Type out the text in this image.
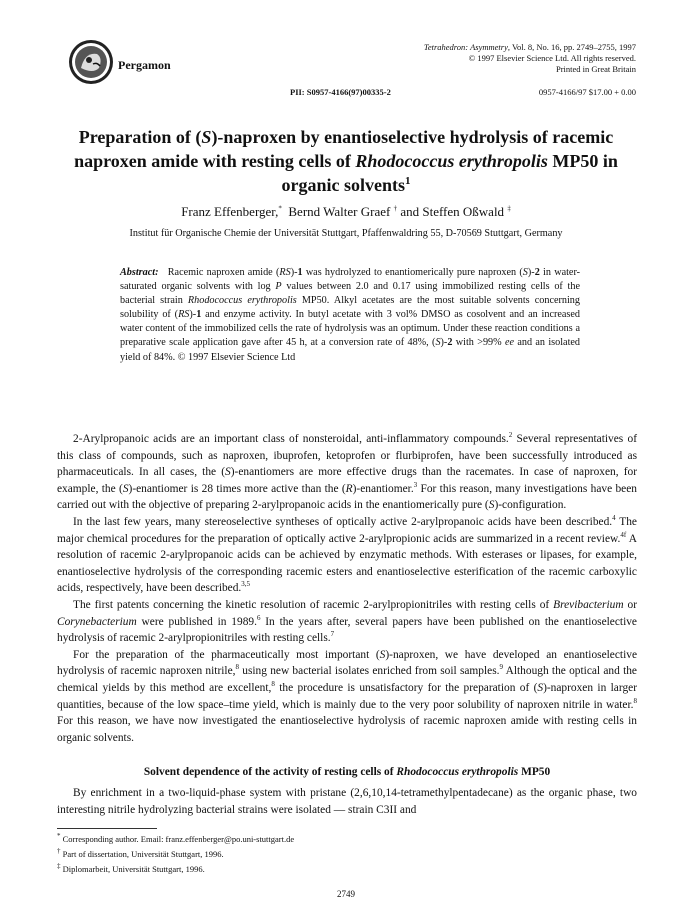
Pergamon
Tetrahedron: Asymmetry, Vol. 8, No. 16, pp. 2749–2755, 1997
© 1997 Elsevier Science Ltd. All rights reserved.
Printed in Great Britain
PII: S0957-4166(97)00335-2	0957-4166/97 $17.00 + 0.00
Preparation of (S)-naproxen by enantioselective hydrolysis of racemic naproxen amide with resting cells of Rhodococcus erythropolis MP50 in organic solvents$^1$
Franz Effenberger,* Bernd Walter Graef † and Steffen Oßwald ‡
Institut für Organische Chemie der Universität Stuttgart, Pfaffenwaldring 55, D-70569 Stuttgart, Germany
Abstract: Racemic naproxen amide (RS)-1 was hydrolyzed to enantiomerically pure naproxen (S)-2 in water-saturated organic solvents with log P values between 2.0 and 0.17 using immobilized resting cells of the bacterial strain Rhodococcus erythropolis MP50. Alkyl acetates are the most suitable solvents concerning solubility of (RS)-1 and enzyme activity. In butyl acetate with 3 vol% DMSO as cosolvent and an increased water content of the immobilized cells the rate of hydrolysis was an optimum. Under these reaction conditions a preparative scale application gave after 45 h, at a conversion rate of 48%, (S)-2 with >99% ee and an isolated yield of 84%. © 1997 Elsevier Science Ltd

2-Arylpropanoic acids are an important class of nonsteroidal, anti-inflammatory compounds.$^2$ Several representatives of this class of compounds, such as naproxen, ibuprofen, ketoprofen or flurbiprofen, have been successfully introduced as pharmaceuticals. In all cases, the (S)-enantiomers are more effective drugs than the racemates. In case of naproxen, for example, the (S)-enantiomer is 28 times more active than the (R)-enantiomer.$^3$ For this reason, many investigations have been carried out with the objective of preparing 2-arylpropanoic acids in the enantiomerically pure (S)-configuration.

In the last few years, many stereoselective syntheses of optically active 2-arylpropanoic acids have been described.$^4$ The major chemical procedures for the preparation of optically active 2-arylpropionic acids are summarized in a recent review.$^{4f}$ A resolution of racemic 2-arylpropanoic acids can be achieved by enzymatic methods. With esterases or lipases, for example, enantioselective hydrolysis of the corresponding racemic esters and enantioselective esterification of the racemic carboxylic acids, respectively, have been described.$^{3,5}$

The first patents concerning the kinetic resolution of racemic 2-arylpropionitriles with resting cells of Brevibacterium or Corynebacterium were published in 1989.$^6$ In the years after, several papers have been published on the enantioselective hydrolysis of racemic 2-arylpropionitriles with resting cells.$^7$

For the preparation of the pharmaceutically most important (S)-naproxen, we have developed an enantioselective hydrolysis of racemic naproxen nitrile,$^8$ using new bacterial isolates enriched from soil samples.$^9$ Although the optical and the chemical yields by this method are excellent,$^8$ the procedure is unsatisfactory for the preparation of (S)-naproxen in larger quantities, because of the low space–time yield, which is mainly due to the very poor solubility of naproxen nitrile in water.$^8$ For this reason, we have now investigated the enantioselective hydrolysis of racemic naproxen amide with resting cells in organic solvents.

Solvent dependence of the activity of resting cells of Rhodococcus erythropolis MP50

By enrichment in a two-liquid-phase system with pristane (2,6,10,14-tetramethylpentadecane) as the organic phase, two interesting nitrile hydrolyzing bacterial strains were isolated — strain C3II and

* Corresponding author. Email: franz.effenberger@po.uni-stuttgart.de
† Part of dissertation, Universität Stuttgart, 1996.
‡ Diplomarbeit, Universität Stuttgart, 1996.
2749
